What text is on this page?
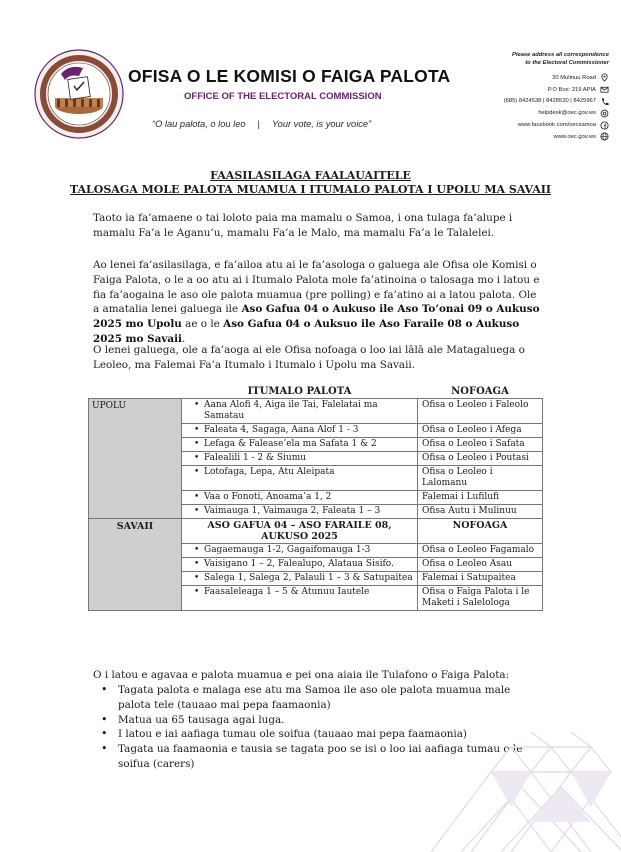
OFISA O LE KOMISI O FAIGA PALOTA
OFFICE OF THE ELECTORAL COMMISSION
“O lau palota, o lou leo | Your vote, is your voice”
Please address all correspondence
to the Electoral Commissioner
30 Mulinuu Road
P.O Box: 219 APIA
(685) 8424538 | 8428530 | 8425967
helpdesk@oec.gov.ws
www.facebook.com/oecsamoa
www.oec.gov.ws

FAASILASILAGA FAALAUAITELE

TALOSAGA MOLE PALOTA MUAMUA I ITUMALO PALOTA I UPOLU MA SAVAII

Taoto ia fa’amaene o tai loloto paia ma mamalu o Samoa, i ona tulaga fa’alupe i mamalu Fa’a le Aganu’u, mamalu Fa’a le Malo, ma mamalu Fa’a le Talalelei.

Ao lenei fa’asilasilaga, e fa’ailoa atu ai le fa’asologa o galuega ale Ofisa ole Komisi o Faiga Palota, o le a oo atu ai i Itumalo Palota mole fa’atinoina o talosaga mo i latou e fia fa’aogaina le aso ole palota muamua (pre polling) e fa’atino ai a latou palota. Ole a amatalia lenei galuega ile Aso Gafua 04 o Aukuso ile Aso To’onai 09 o Aukuso 2025 mo Upolu ae o le Aso Gafua 04 o Auksuo ile Aso Faraile 08 o Aukuso 2025 mo Savaii.

O lenei galuega, ole a fa’aoga ai ele Ofisa nofoaga o loo iai lālā ale Matagaluega o Leoleo, ma Falemai Fa’a Itumalo i Itumalo i Upolu ma Savaii.

	ITUMALO PALOTA	NOFOAGA
UPOLU	• Aana Alofi 4, Aiga ile Tai, Falelatai ma Samatau	Ofisa o Leoleo i Faleolo

	• Faleata 4, Sagaga, Aana Alof 1 - 3	Ofisa o Leoleo i Afega

	• Lefaga & Falease’ela ma Safata 1 & 2	Ofisa o Leoleo i Safata

	• Falealili 1 - 2 & Siumu	Ofisa o Leoleo i Poutasi

	• Lotofaga, Lepa, Atu Aleipata	Ofisa o Leoleo i Lalomanu

	• Vaa o Fonoti, Anoama’a 1, 2	Falemai i Lufilufi

	• Vaimauga 1, Vaimauga 2, Faleata 1 – 3	Ofisa Autu i Mulinuu
SAVAII	ASO GAFUA 04 – ASO FARAILE 08, AUKUSO 2025	NOFOAGA

	• Gagaemauga 1-2, Gagaifomauga 1-3	Ofisa o Leoleo Fagamalo

	• Vaisigano 1 – 2, Falealupo, Alataua Sisifo.	Ofisa o Leoleo Asau

	• Salega 1, Salega 2, Palauli 1 – 3 & Satupaitea	Falemai i Satupaitea

	• Faasaleleaga 1 – 5 & Atunuu Iautele	Ofisa o Faiga Palota i le Maketi i Salelologa

O i latou e agavaa e palota muamua e pei ona aiaia ile Tulafono o Faiga Palota:

• Tagata palota e malaga ese atu ma Samoa ile aso ole palota muamua male palota tele (tauaao mai pepa faamaonia)
• Matua ua 65 tausaga agai luga.
• I latou e iai aafiaga tumau ole soifua (tauaao mai pepa faamaonia)
• Tagata ua faamaonia e tausia se tagata poo se isi o loo iai aafiaga tumau o le soifua (carers)
